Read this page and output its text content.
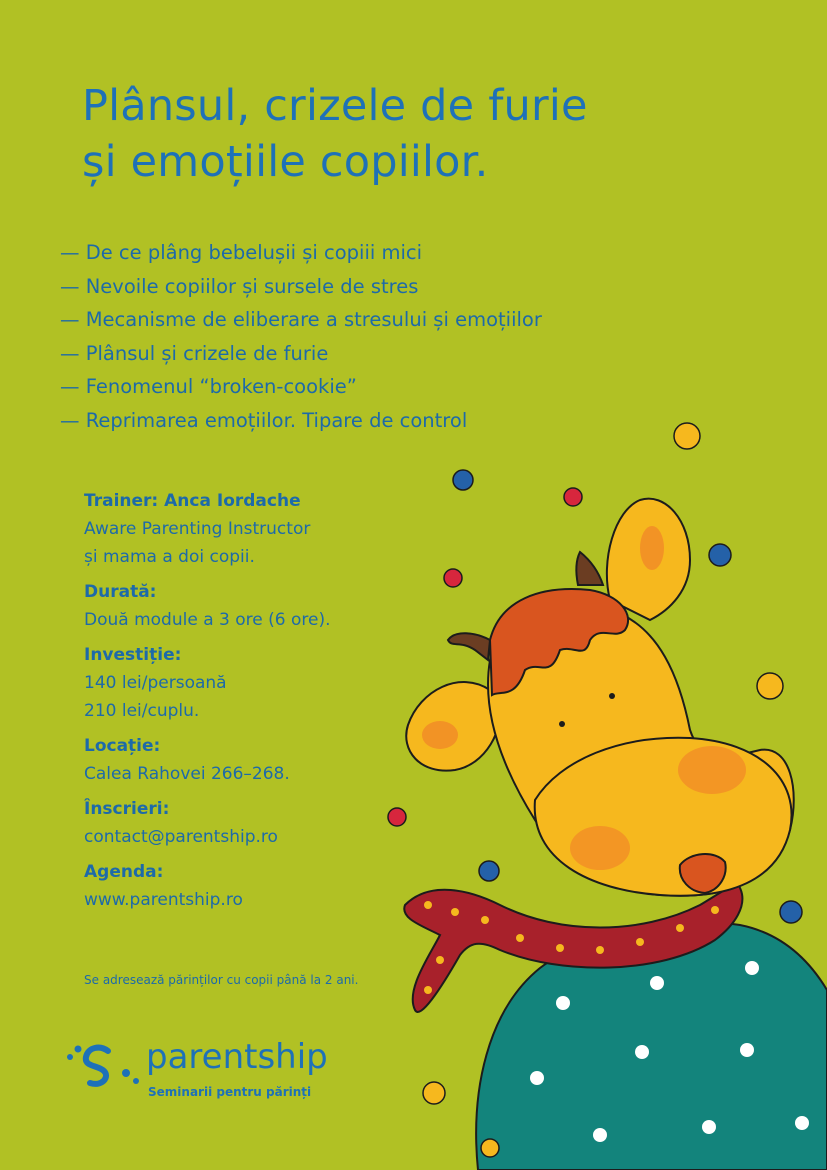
Plânsul, crizele de furie
și emoțiile copiilor.
— De ce plâng bebelușii și copiii mici
— Nevoile copiilor și sursele de stres
— Mecanisme de eliberare a stresului și emoțiilor
— Plânsul și crizele de furie
— Fenomenul “broken-cookie”
— Reprimarea emoțiilor. Tipare de control
Trainer: Anca Iordache
Aware Parenting Instructor
și mama a doi copii.
Durată:
Două module a 3 ore (6 ore).
Investiție:
140 lei/persoană
210 lei/cuplu.
Locație:
Calea Rahovei 266–268.
Înscrieri:
contact@parentship.ro
Agenda:
www.parentship.ro
Se adresează părinților cu copii până la 2 ani.
parentship
Seminarii pentru părinți
